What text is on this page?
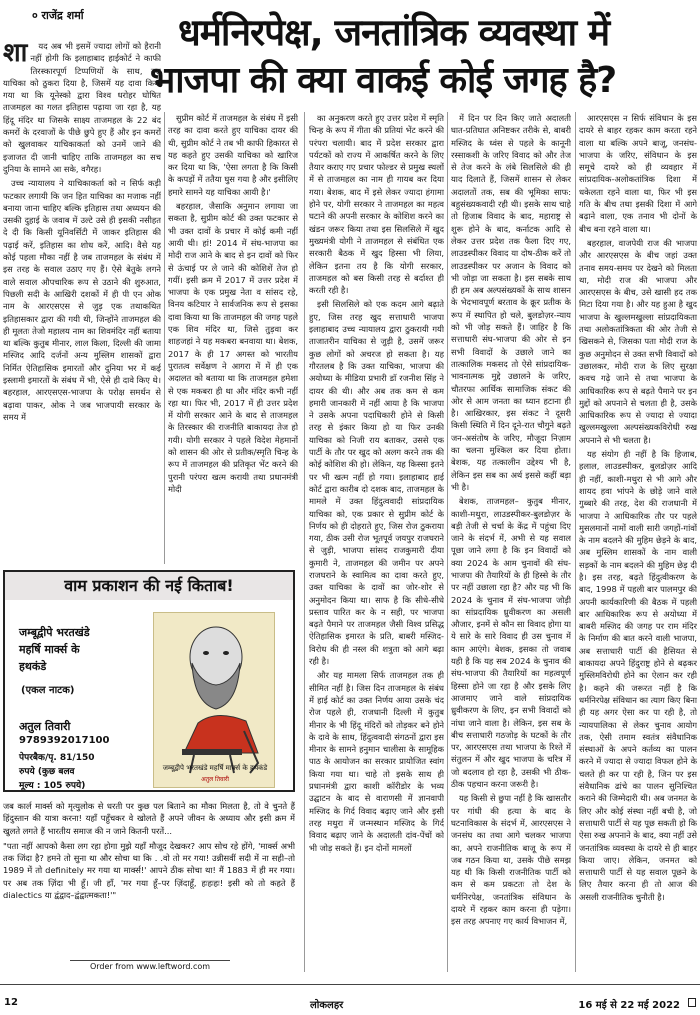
० राजेंद्र शर्मा	धर्मनिरपेक्ष, जनतांत्रिक व्यवस्था में
भाजपा की क्या वाकई कोई जगह है?
शा	यद अब भी इसमें ज्यादा लोगों को हैरानी नहीं होगी कि इलाहाबाद हाईकोर्ट ने काफी तिरस्कारपूर्ण टिप्पणियों के साथ, उस याचिका को ठुकरा दिया है, जिसमें यह दावा किया गया था कि यूनेस्को द्वारा विश्व धरोहर घोषित ताजमहल का गलत इतिहास पढ़ाया जा रहा है, यह हिंदू मंदिर था जिसके साक्ष्य ताजमहल के 22 बंद कमरों के दरवाजों के पीछे छुपे हुए हैं और इन कमरों को खुलवाकर याचिकाकर्ता को उनमें जाने की इजाजत दी जानी चाहिए ताकि ताजमहल का सच दुनिया के सामने आ सके, वगैरह।

उच्च न्यायालय ने याचिकाकर्ता को न सिर्फ कड़ी फटकार लगायी कि जन हित याचिका का मजाक नहीं बनाया जाना चाहिए बल्कि इतिहास तथा अध्ययन की उसकी दुहाई के जवाब में उल्टे उसे ही इसकी नसीहत दे दी कि किसी यूनिवर्सिटी में जाकर इतिहास की पढ़ाई करें, इतिहास का शोध करें, आदि। वैसे यह कोई पहला मौका नहीं है जब ताजमहल के संबंध में इस तरह के सवाल उठाए गए हैं। ऐसे बेतुके लगने वाले सवाल औपचारिक रूप से उठाने की शुरुआत, पिछली सदी के आखिरी दशकों में ही पी एन ओक नाम के आरएसएस से जुड़ एक तथाकथित इतिहासकार द्वारा की गयी थी, जिन्होंने ताजमहल की ही मूलतः तेजो महालय नाम का शिवमंदिर नहीं बताया था बल्कि कुतुब मीनार, लाल किला, दिल्ली की जामा मस्जिद आदि दर्जनों अन्य मुस्लिम शासकों द्वारा निर्मित ऐतिहासिक इमारतों और दुनिया भर में कई इस्लामी इमारतों के संबंध में भी, ऐसे ही दावे किए थे। बहरहाल, आरएसएस-भाजपा के परोक्ष समर्थन से बढ़ावा पाकर, ओक ने जब भाजपायी सरकार के समय में

सुप्रीम कोर्ट में ताजमहल के संबंध में इसी तरह का दावा करते हुए याचिका दायर की थी, सुप्रीम कोर्ट ने तब भी काफी हिकारत से यह कहते हुए उसकी याचिका को खारिज कर दिया था कि, 'ऐसा लगता है कि किसी के कपड़ों में ततैया घुस गया है और इसीलिए हमारे सामने यह याचिका आयी है।'

बहरहाल, जैसाकि अनुमान लगाया जा सकता है, सुप्रीम कोर्ट की उक्त फटकार से भी उक्त दावों के प्रचार में कोई कमी नहीं आयी थी। हां! 2014 में संघ-भाजपा का मोदी राज आने के बाद से इन दावों को फिर से ऊंचाई पर ले जाने की कोशिशें तेज हो गयीं। इसी क्रम में 2017 में उत्तर प्रदेश में भाजपा के एक प्रमुख नेता व सांसद रहे, विनय कटियार ने सार्वजनिक रूप से इसका दावा किया था कि ताजमहल की जगह पहले एक शिव मंदिर था, जिसे तुड़वा कर शाहजहां ने यह मकबरा बनवाया था। बेशक, 2017 के ही 17 अगस्त को भारतीय पुरातत्व सर्वेक्षण ने आगरा में में ही एक अदालत को बताया था कि ताजमहल हमेशा से एक मकबरा ही था और मंदिर कभी नहीं रहा था। फिर भी, 2017 में ही उत्तर प्रदेश में योगी सरकार आने के बाद से ताजमहल के तिरस्कार की राजनीति बाकायदा तेज हो गयी। योगी सरकार ने पहले विदेश मेहमानों को शासन की ओर से प्रतीक/स्मृति चिन्ह के रूप में ताजमहल की प्रतिकृत भेंट करने की पुरानी परंपरा खत्म करायी तथा प्रधानमंत्री मोदी

का अनुकरण करते हुए उत्तर प्रदेश में स्मृति चिन्ह के रूप में गीता की प्रतियां भेंट करने की परंपरा चलायी। बाद में प्रदेश सरकार द्वारा पर्यटकों को राज्य में आकर्षित करने के लिए तैयार कराए गए प्रचार फोल्डर से प्रमुख स्थलों में से ताजमहल का नाम ही गायब कर दिया गया। बेशक, बाद में इसे लेकर ज्यादा हंगामा होने पर, योगी सरकार ने ताजमहल का महत्व घटाने की अपनी सरकार के कोशिश करने का खंडन जरूर किया तथा इस सिलसिले में खुद मुख्यमंत्री योगी ने ताजमहल से संबंधित एक सरकारी बैठक में खुद हिस्सा भी लिया, लेकिन इतना तय है कि योगी सरकार, ताजमहल को बस किसी तरह से बर्दाश्त ही करती रही है।

इसी सिलसिले को एक कदम आगे बढ़ाते हुए, जिस तरह खुद सत्ताधारी भाजपा इलाहाबाद उच्च न्यायालय द्वारा ठुकरायी गयी ताजातरीन याचिका से जुड़ी है, उसमें जरूर कुछ लोगों को अचरज हो सकता है। यह गौरतलब है कि उक्त याचिका, भाजपा की अयोध्या के मीडिया प्रभारी डाॅ रजनीश सिंह ने दायर की थी। और अब तक कम से कम हमारी जानकारी में नहीं आया है कि भाजपा ने उसके अपना पदाधिकारी होने से किसी तरह से इंकार किया हो या फिर उनकी याचिका को निजी राय बताकर, उससे एक पार्टी के तौर पर खुद को अलग करने तक की कोई कोशिश की हो। लेकिन, यह किस्सा इतने पर भी खत्म नहीं हो गया। इलाहाबाद हाई कोर्ट द्वारा कारीब दो दशक बाद, ताजमहल के मामले में उक्त हिंदुत्ववादी सांप्रदायिक याचिका को, एक प्रकार से सुप्रीम कोर्ट के निर्णय को ही दोहराते हुए, जिस रोज ठुकराया गया, ठीक उसी रोज भूतपूर्व जयपुर राजघराने से जुड़ी, भाजपा सांसद राजकुमारी दीया कुमारी ने, ताजमहल की जमीन पर अपने राजघराने के स्वामित्व का दावा करते हुए, उक्त याचिका के दावों का जोर-शोर से अनुमोदन किया था। साफ है कि सीधे-सीधे प्रस्ताव पारित कर के न सही, पर भाजपा बढ़ते पैमाने पर ताजमहल जैसी विश्व प्रसिद्ध ऐतिहासिक इमारत के प्रति, बाबरी मस्जिद-विरोध की ही नस्ल की शत्रुता को आगे बढ़ा रही है।

और यह मामला सिर्फ ताजमहल तक ही सीमित नहीं है। जिस दिन ताजमहल के संबंध में हाई कोर्ट का उक्त निर्णय आया उसके चंद रोज पहले ही, राजधानी दिल्ली में कुतुब मीनार के भी हिंदू मंदिरों को तोड़कर बने होने के दावे के साथ, हिंदुत्ववादी संगठनों द्वारा इस मीनार के सामने हनुमान चालीसा के सामूहिक पाठ के आयोजन का सरकार प्रायोजित स्वांग किया गया था। चाहे तो इसके साथ ही प्रधानमंत्री द्वारा काशी कॉरीडोर के भव्य उद्घाटन के बाद से वाराणसी में ज्ञानवापी मस्जिद के गिर्द विवाद बढ़ाए जाने और इसी तरह मथुरा में जन्मस्थान मस्जिद के गिर्द विवाद बढ़ाए जाने के अदालती दांव-पेंचों को भी जोड़ सकते हैं। इन दोनों मामलों

में दिन पर दिन किए जाते अदालती घात-प्रतिघात अनिष्टकर तरीके से, बाबरी मस्जिद के ध्वंस से पहले के कानूनी रस्साकशी के जरिए विवाद को और तेज से तेज करने के लंबे सिलसिले की ही याद दिलाते हैं, जिसमें शासन से लेकर अदालतों तक, सब की भूमिका साफ: बहुसंख्यकवादी रही थी। इसके साथ चाहे तो हिजाब विवाद के बाद, महाराष्ट्र से शुरू होने के बाद, कर्नाटक आदि से लेकर उत्तर प्रदेश तक फैला दिए गए, लाउडस्पीकर विवाद या दोष-ठीक करें तो लाउडस्पीकर पर अजान के विवाद को भी जोड़ा जा सकता है। इस सबके साथ ही हम अब अल्पसंख्यकों के साथ शासन के भेदभावपूर्ण बरताव के क्रूर प्रतीक के रूप में स्थापित हो चले, बुलडोज़र-न्याय को भी जोड़ सकते हैं। जाहिर है कि सत्ताधारी संघ-भाजपा की ओर से इन सभी विवादों के उछाले जाने का तात्कालिक मकसद तो ऐसे सांप्रदायिक-भावनात्मक मुद्दे उछालने के जरिए, चौतरफा आर्थिक सामाजिक संकट की ओर से आम जनता का ध्यान हटाना ही है। आखिरकार, इस संकट ने दूसरी किसी स्थिति में दिन दूने-रात चौगुने बढ़ते जन-असंतोष के जरिए, मौजूदा निज़ाम का चलना मुश्किल कर दिया होता। बेशक, यह तत्कालीन उद्देश्य भी है, लेकिन इस सब का अर्थ इससे कहीं बड़ा भी है।

बेशक, ताजमहल– कुतुब मीनार, काशी-मथुरा, लाउडस्पीकर-बुलडोज़र के बड़ी तेजी से चर्चा के केंद्र में पहुंचा दिए जाने के संदर्भ में, अभी से यह सवाल पूछा जाने लगा है कि इन विवादों को क्या 2024 के आम चुनावों की संघ-भाजपा की तैयारियों के ही हिस्से के तौर पर नहीं उछाला रहा है? और यह भी कि 2024 के चुनाव में संघ-भाजपा जोड़ी का सांप्रदायिक ध्रुवीकरण का असली औजार, इनमें से कौन सा विवाद होगा या ये सारे के सारे विवाद ही उस चुनाव में काम आएंगे। बेशक, इसका तो जवाब यही है कि यह सब 2024 के चुनाव की संघ-भाजपा की तैयारियों का महत्वपूर्ण हिस्सा होने जा रहा है और इसके लिए आजमाए जाने वाले सांप्रदायिक ध्रुवीकरण के लिए, इन सभी विवादों को नांधा जाने वाला है। लेकिन, इस सब के बीच सत्ताधारी गठजोड़ के घटकों के तौर पर, आरएसएस तथा भाजपा के रिश्ते में संतुलन में और खुद भाजपा के चरित्र में जो बदलाव हो रहा है, उसकी भी ठीक-ठीक पहचान करना जरूरी है।

यह किसी से छुपा नहीं है कि खासतौर पर गांधी की हत्या के बाद के घटनाविकास के संदर्भ में, आरएसएस ने जनसंघ का तथा आगे चलकर भाजपा का, अपने राजनीतिक बाजू के रूप में जब गठन किया था, उसके पीछे समझ यह थी कि किसी राजनीतिक पार्टी को कम से कम प्रकटतः तो देश के धर्मनिरपेक्ष, जनतांत्रिक संविधान के दायरे में रहकर काम करना ही पड़ेगा। इस तरह अपनाए गए कार्य विभाजन में,

आरएसएस न सिर्फ संविधान के इस दायरे से बाहर रहकर काम करता रहने वाला था बल्कि अपने बाजू, जनसंघ-भाजपा के जरिए, संविधान के इस समूचे दायरे को ही व्यवहार में सांप्रदायिक-अलोकतांत्रिक दिशा में धकेलता रहने वाला था, फिर भी इस गति के बीच तथा इसकी दिशा में आगे बढ़ाने वाला, एक तनाव भी दोनों के बीच बना रहने वाला था।

बहरहाल, वाजपेयी राज की भाजपा और आरएसएस के बीच जहां उक्त तनाव समय-समय पर देखने को मिलता था, मोदी राज की भाजपा और आरएसएस के बीच, उसे खासी हद तक मिटा दिया गया है। और यह हुआ है खुद भाजपा के खुल्लमखुल्ला सांप्रदायिकता तथा अलोकतांत्रिकता की ओर तेजी से खिसकने से, जिसका पता मोदी राज के कुछ अनुमोदन से उक्त सभी विवादों को उछालकर, मोदी राज के लिए सुरक्षा कवच गढ़े जाने से तथा भाजपा के आधिकारिक रूप से बढ़ते पैमाने पर इन मुद्दों को अपनाने से चलता ही है, उसके आधिकारिक रूप से ज्यादा से ज्यादा खुल्लमखुल्ला अल्पसंख्यकविरोधी रुख अपनाने से भी चलता है।

यह संयोग ही नहीं है कि हिजाब, हलाल, लाउडस्पीकर, बुलडोज़र आदि ही नहीं, काशी-मथुरा से भी आगे और शायद हवा भांपने के छोड़े जाने वाले गुब्बारे की तरह, देश की राजधानी में भाजपा ने आधिकारिक तौर पर पहले मुसलमानों नामों वाली सारी जगहों-गांवों के नाम बदलने की मुहिम छेड़ने के बाद, अब मुस्लिम शासकों के नाम वाली सड़कों के नाम बदलने की मुहिम छेड़ दी है। इस तरह, बढ़ते हिंदुत्वीकरण के बाद, 1998 में पहली बार पालमपुर की अपनी कार्यकारिणी की बैठक में पहली बार आधिकारिक रूप से अयोध्या में बाबरी मस्जिद की जगह पर राम मंदिर के निर्माण की बात करने वाली भाजपा, अब सत्ताधारी पार्टी की हैसियत से बाकायदा अपने हिंदुराष्ट्र होने से बढ़कर मुस्लिमविरोधी होने का ऐलान कर रही है। कहने की जरूरत नहीं है कि धर्मनिरपेक्ष संविधान का त्याग किए बिना ही यह अगर ऐसा कर पा रही है, तो न्यायपालिका से लेकर चुनाव आयोग तक, ऐसी तमाम स्वतंत्र संवैधानिक संस्थाओं के अपने कर्तव्य का पालन करने में ज्यादा से ज्यादा विफल होने के चलते ही कर पा रही है, जिन पर इस संवैधानिक ढांचे का पालन सुनिश्चित कराने की जिम्मेदारी थी। अब जनमत के लिए और कोई संस्था नहीं बची है, जो सत्ताधारी पार्टी से यह पूछ सकती हो कि ऐसा रुख अपनाने के बाद, क्या नहीं उसे जनतांत्रिक व्यवस्था के दायरे से ही बाहर किया जाए। लेकिन, जनमत को सत्ताधारी पार्टी से यह सवाल पूछने के लिए तैयार करना ही तो आज की असली राजनीतिक चुनौती है।

वाम प्रकाशन की नई किताब!
जम्बूद्वीपे भरतखंडे
महर्षि मार्क्स के
हथकंडे
(एकल नाटक)
अतुल तिवारी
9789392017100
पेपरबैक/पृ. 81/150
रुपये (कुछ बलव
मूल्य : 105 रुपये)
जम्बूद्वीपे भरतखंडे महर्षि मार्क्स के हथकंडे
अतुल तिवारी

जब कार्ल मार्क्स को मृत्युलोक से धरती पर कुछ पल बिताने का मौका मिलता है, तो वे चुनते हैं हिंदुस्तान की यात्रा करना! यहाँ पहुँचकर वे खोलते हैं अपने जीवन के अध्याय और इसी क्रम में खुलते लगते हैं भारतीय समाज की न जाने कितनी परतें...

"पता नहीं आपको कैसा लग रहा होगा मुझे यहाँ मौजूद देखकर? आप सोच रहे होंगे, 'मार्क्स अभी तक जिंदा है? हमने तो सुना था और सोचा था कि . .वो तो मर गया! उन्नीसवीं सदी में ना सही–तो 1989 में तो definitely मर गया था मार्क्स!' आपने ठीक सोचा था! मैं 1883 में ही मर गया। पर अब तक ज़िंदा भी हूँ। जी हाँ, 'मर गया हूँ–पर ज़िंदाहूँ, हःहःहः! इसी को तो कहते हैं dialectics या द्वंद्वाद–द्वंद्वात्मकता!'"

Order from www.leftword.com
12	लोकलहर	16 मई से 22 मई 2022
